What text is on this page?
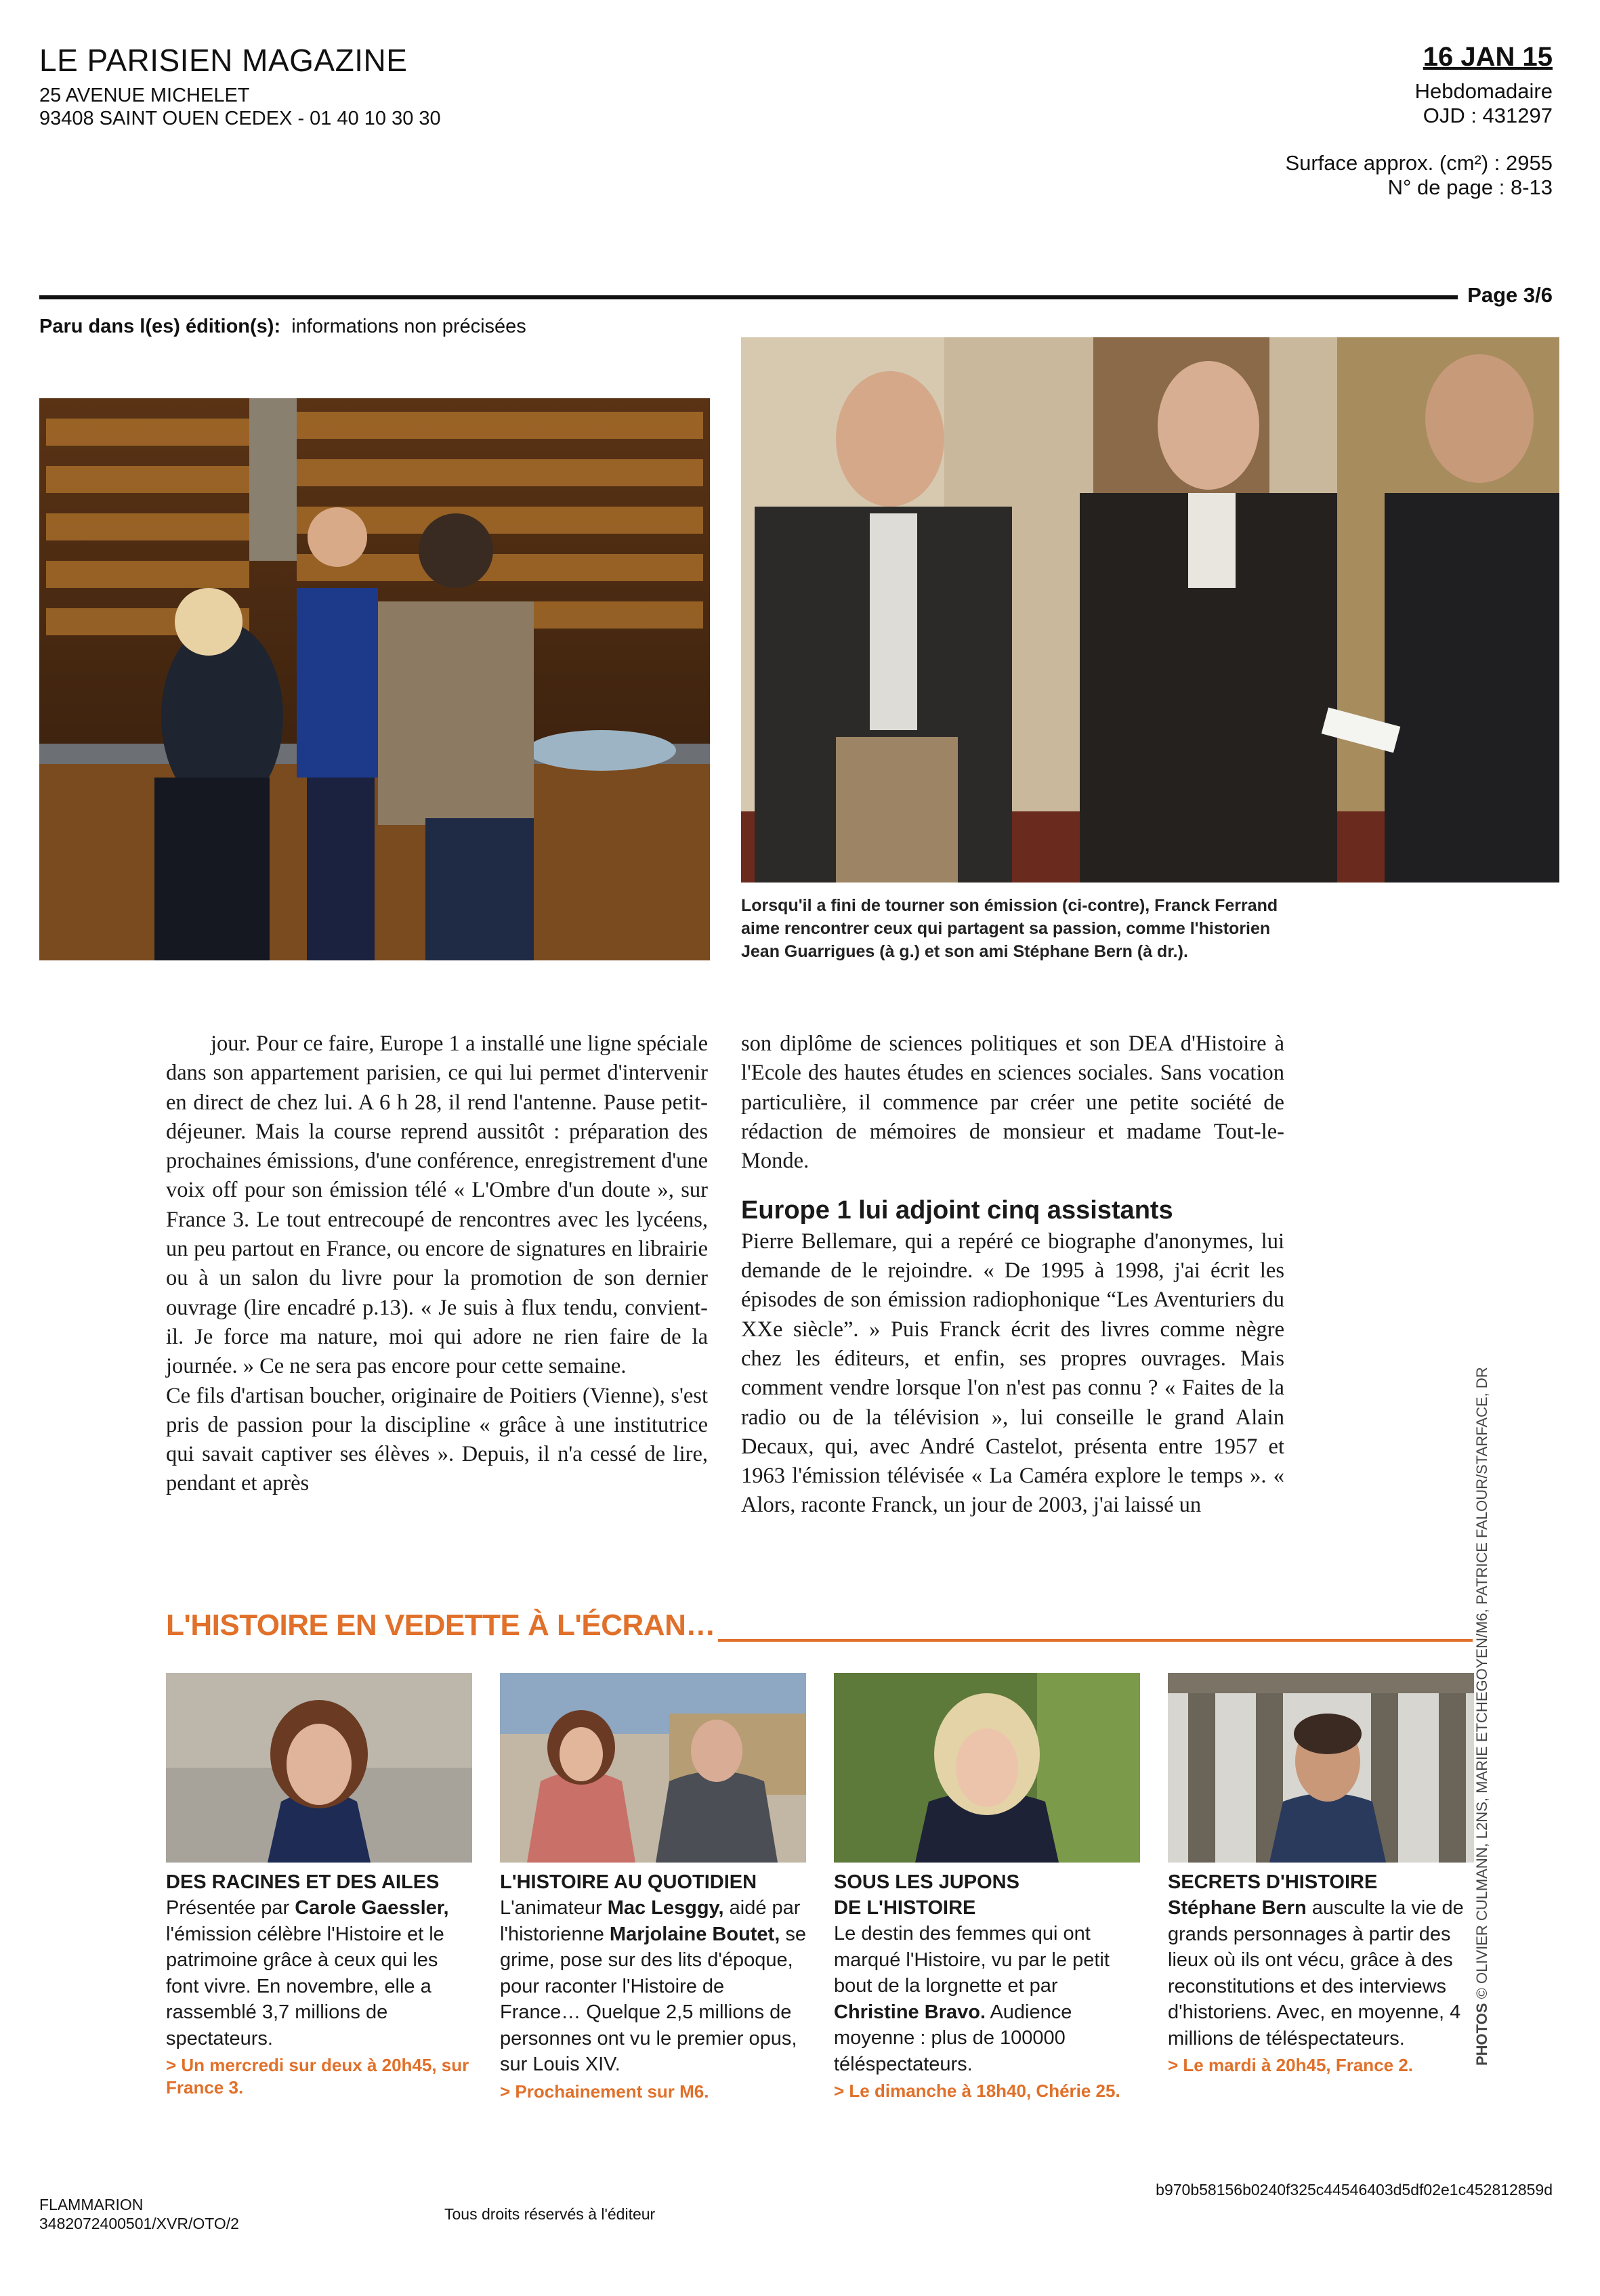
LE PARISIEN MAGAZINE
25 AVENUE MICHELET
93408 SAINT OUEN CEDEX - 01 40 10 30 30
16 JAN 15
Hebdomadaire
OJD : 431297
Surface approx. (cm²) : 2955
N° de page : 8-13
Page 3/6
Paru dans l(es) édition(s): informations non précisées
Lorsqu'il a fini de tourner son émission (ci-contre), Franck Ferrand
aime rencontrer ceux qui partagent sa passion, comme l'historien
Jean Guarrigues (à g.) et son ami Stéphane Bern (à dr.).

jour. Pour ce faire, Europe 1 a installé une ligne spéciale dans son appartement parisien, ce qui lui permet d'intervenir en direct de chez lui. A 6 h 28, il rend l'antenne. Pause petit-déjeuner. Mais la course reprend aussitôt : préparation des prochaines émissions, d'une conférence, enregistrement d'une voix off pour son émission télé « L'Ombre d'un doute », sur France 3. Le tout entrecoupé de rencontres avec les lycéens, un peu partout en France, ou encore de signatures en librairie ou à un salon du livre pour la promotion de son dernier ouvrage (lire encadré p.13). « Je suis à flux tendu, convient-il. Je force ma nature, moi qui adore ne rien faire de la journée. » Ce ne sera pas encore pour cette semaine.

Ce fils d'artisan boucher, originaire de Poitiers (Vienne), s'est pris de passion pour la discipline « grâce à une institutrice qui savait captiver ses élèves ». Depuis, il n'a cessé de lire, pendant et après

son diplôme de sciences politiques et son DEA d'Histoire à l'Ecole des hautes études en sciences sociales. Sans vocation particulière, il commence par créer une petite société de rédaction de mémoires de monsieur et madame Tout-le-Monde.

Europe 1 lui adjoint cinq assistants

Pierre Bellemare, qui a repéré ce biographe d'anonymes, lui demande de le rejoindre. « De 1995 à 1998, j'ai écrit les épisodes de son émission radiophonique “Les Aventuriers du XXe siècle”. » Puis Franck écrit des livres comme nègre chez les éditeurs, et enfin, ses propres ouvrages. Mais comment vendre lorsque l'on n'est pas connu ? « Faites de la radio ou de la télévision », lui conseille le grand Alain Decaux, qui, avec André Castelot, présenta entre 1957 et 1963 l'émission télévisée « La Caméra explore le temps ». « Alors, raconte Franck, un jour de 2003, j'ai laissé un

L'HISTOIRE EN VEDETTE À L'ÉCRAN…
DES RACINES ET DES AILES
Présentée par Carole Gaessler, l'émission célèbre l'Histoire et le patrimoine grâce à ceux qui les font vivre. En novembre, elle a rassemblé 3,7 millions de spectateurs.
> Un mercredi sur deux à 20h45, sur France 3.
L'HISTOIRE AU QUOTIDIEN
L'animateur Mac Lesggy, aidé par l'historienne Marjolaine Boutet, se grime, pose sur des lits d'époque, pour raconter l'Histoire de France… Quelque 2,5 millions de personnes ont vu le premier opus, sur Louis XIV.
> Prochainement sur M6.
SOUS LES JUPONS
DE L'HISTOIRE
Le destin des femmes qui ont marqué l'Histoire, vu par le petit bout de la lorgnette et par Christine Bravo. Audience moyenne : plus de 100000 téléspectateurs.
> Le dimanche à 18h40, Chérie 25.
SECRETS D'HISTOIRE
Stéphane Bern ausculte la vie de grands personnages à partir des lieux où ils ont vécu, grâce à des reconstitutions et des interviews d'historiens. Avec, en moyenne, 4 millions de téléspectateurs.
> Le mardi à 20h45, France 2.	PHOTOS © OLIVIER CULMANN, L2NS, MARIE ETCHEGOYEN/M6, PATRICE FALOUR/STARFACE, DR
FLAMMARION
3482072400501/XVR/OTO/2
Tous droits réservés à l'éditeur
b970b58156b0240f325c44546403d5df02e1c452812859d
